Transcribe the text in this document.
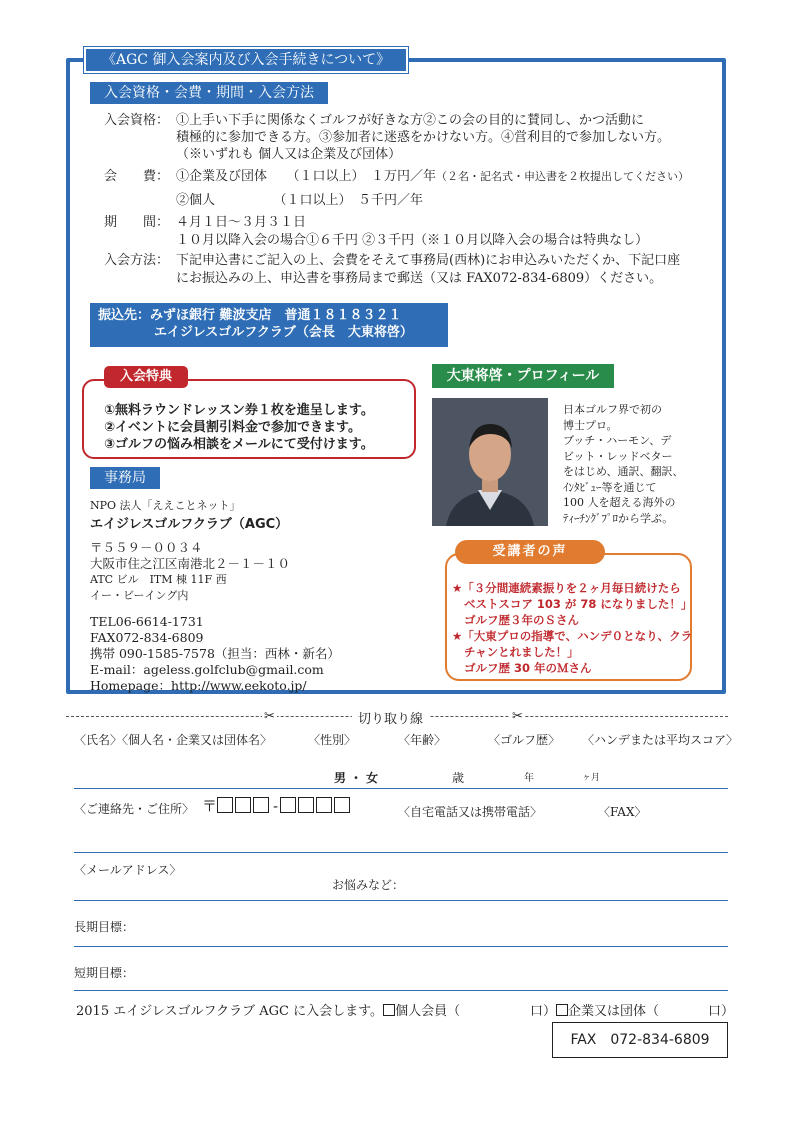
《AGC 御入会案内及び入会手続きについて》
入会資格・会費・期間・入会方法
入会資格： ①上手い下手に関係なくゴルフが好きな方②この会の目的に賛同し、かつ活動に
積極的に参加できる方。③参加者に迷惑をかけない方。④営利目的で参加しない方。
（※いずれも 個人又は企業及び団体）
会　　費： ①企業及び団体　　（１口以上）　１万円／年（２名・記名式・申込書を２枚提出してください）
②個人　　　　　（１口以上）　５千円／年
期　　間： ４月１日～３月３１日
１０月以降入会の場合①６千円 ②３千円（※１０月以降入会の場合は特典なし）
入会方法： 下記申込書にご記入の上、会費をそえて事務局(西林)にお申込みいただくか、下記口座
にお振込みの上、申込書を事務局まで郵送（又は FAX072-834-6809）ください。
振込先：みずほ銀行 難波支店　普通１８１８３２１
エイジレスゴルフクラブ（会長　大東将啓）
入会特典
①無料ラウンドレッスン券１枚を進呈します。
②イベントに会員割引料金で参加できます。
③ゴルフの悩み相談をメールにて受付けます。
大東将啓・プロフィール
日本ゴルフ界で初の
博士プロ。
ブッチ・ハーモン、デ
ビット・レッドベター
をはじめ、通訳、翻訳、
ｲﾝﾀﾋﾞｭｰ等を通じて
100 人を超える海外の
ﾃｨｰﾁﾝｸﾞﾌﾟﾛから学ぶ。
事務局
NPO 法人「ええことネット」
エイジレスゴルフクラブ（AGC）
〒５５９－００３４
大阪市住之江区南港北２－１－１０
ATC ビル　ITM 棟 11F 西
イー・ビーイング内
TEL06-6614-1731
FAX072-834-6809
携帯 090-1585-7578（担当：西林・新名）
E-mail：ageless.golfclub@gmail.com
Homepage：http://www.eekoto.jp/
受講者の声
★「３分間連続素振りを２ヶ月毎日続けたら
ベストスコア 103 が 78 になりました！」
ゴルフ歴３年のＳさん
★「大東プロの指導で、ハンデ０となり、クラ
チャンとれました！」
ゴルフ歴 30 年のＭさん
✂	✂
切り取り線
〈氏名〉〈個人名・企業又は団体名〉	〈性別〉	〈年齢〉	〈ゴルフ歴〉 〈ハンデまたは平均スコア〉
男・女	歳	年	ヶ月
〈ご連絡先・ご住所〉 〒	-	〈自宅電話又は携帯電話〉	〈FAX〉
〈メールアドレス〉
お悩みなど：
長期目標：
短期目標：
2015 エイジレスゴルフクラブ AGC に入会します。 個人会員（	口） 企業又は団体（	口）
FAX　072-834-6809
